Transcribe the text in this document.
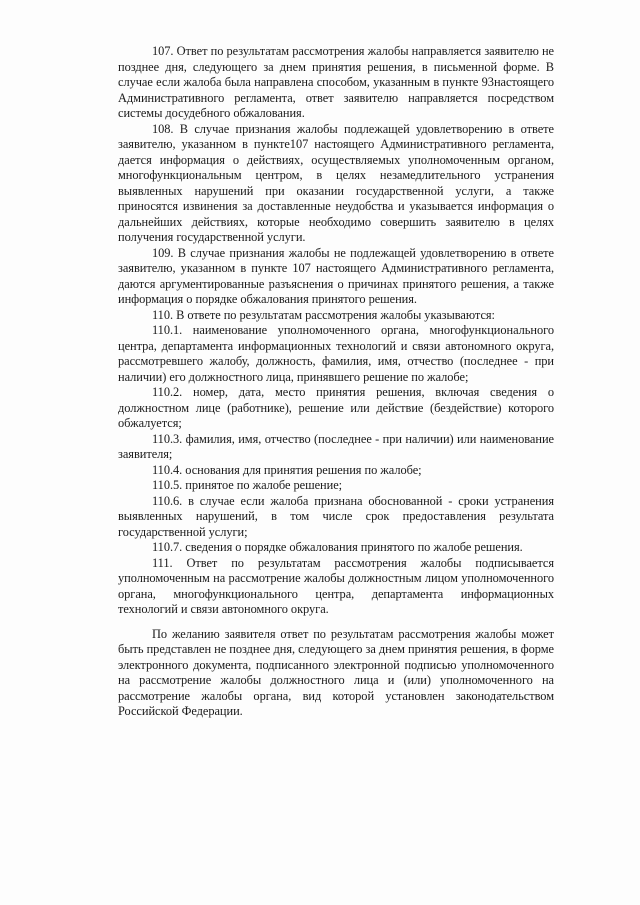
107. Ответ по результатам рассмотрения жалобы направляется заявителю не позднее дня, следующего за днем принятия решения, в письменной форме. В случае если жалоба была направлена способом, указанным в пункте 93настоящего Административного регламента, ответ заявителю направляется посредством системы досудебного обжалования.

108. В случае признания жалобы подлежащей удовлетворению в ответе заявителю, указанном в пункте107 настоящего Административного регламента, дается информация о действиях, осуществляемых уполномоченным органом, многофункциональным центром, в целях незамедлительного устранения выявленных нарушений при оказании государственной услуги, а также приносятся извинения за доставленные неудобства и указывается информация о дальнейших действиях, которые необходимо совершить заявителю в целях получения государственной услуги.

109. В случае признания жалобы не подлежащей удовлетворению в ответе заявителю, указанном в пункте 107 настоящего Административного регламента, даются аргументированные разъяснения о причинах принятого решения, а также информация о порядке обжалования принятого решения.

110. В ответе по результатам рассмотрения жалобы указываются:

110.1. наименование уполномоченного органа, многофункционального центра, департамента информационных технологий и связи автономного округа, рассмотревшего жалобу, должность, фамилия, имя, отчество (последнее - при наличии) его должностного лица, принявшего решение по жалобе;

110.2. номер, дата, место принятия решения, включая сведения о должностном лице (работнике), решение или действие (бездействие) которого обжалуется;

110.3. фамилия, имя, отчество (последнее - при наличии) или наименование заявителя;

110.4. основания для принятия решения по жалобе;

110.5. принятое по жалобе решение;

110.6. в случае если жалоба признана обоснованной - сроки устранения выявленных нарушений, в том числе срок предоставления результата государственной услуги;

110.7. сведения о порядке обжалования принятого по жалобе решения.

111. Ответ по результатам рассмотрения жалобы подписывается уполномоченным на рассмотрение жалобы должностным лицом уполномоченного органа, многофункционального центра, департамента информационных технологий и связи автономного округа.

По желанию заявителя ответ по результатам рассмотрения жалобы может быть представлен не позднее дня, следующего за днем принятия решения, в форме электронного документа, подписанного электронной подписью уполномоченного на рассмотрение жалобы должностного лица и (или) уполномоченного на рассмотрение жалобы органа, вид которой установлен законодательством Российской Федерации.
